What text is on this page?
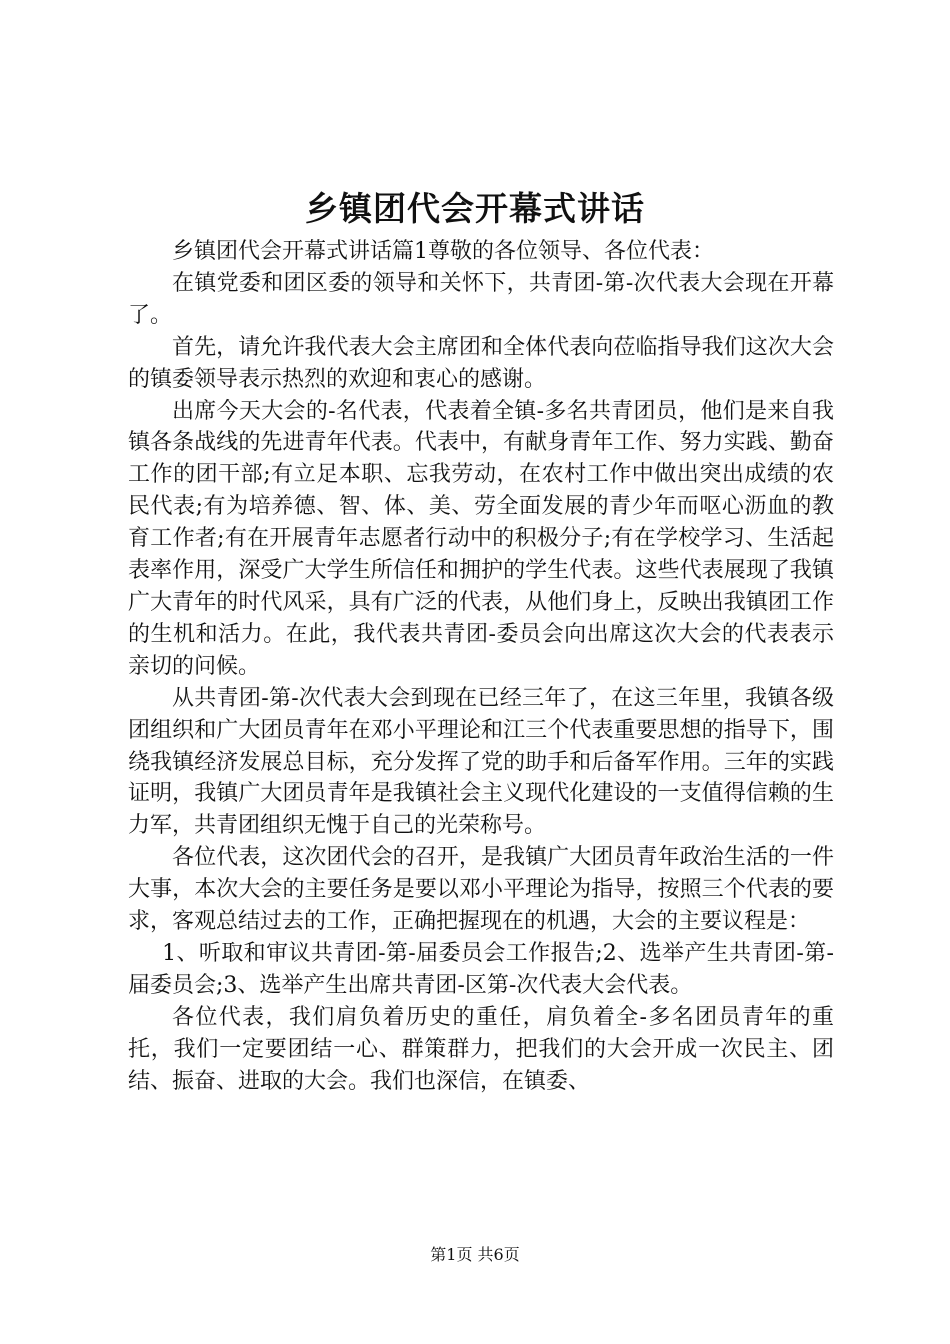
乡镇团代会开幕式讲话

乡镇团代会开幕式讲话篇1尊敬的各位领导、各位代表：

在镇党委和团区委的领导和关怀下，共青团-第-次代表大会现在开幕了。

首先，请允许我代表大会主席团和全体代表向莅临指导我们这次大会的镇委领导表示热烈的欢迎和衷心的感谢。

出席今天大会的-名代表，代表着全镇-多名共青团员，他们是来自我镇各条战线的先进青年代表。代表中，有献身青年工作、努力实践、勤奋工作的团干部;有立足本职、忘我劳动，在农村工作中做出突出成绩的农民代表;有为培养德、智、体、美、劳全面发展的青少年而呕心沥血的教育工作者;有在开展青年志愿者行动中的积极分子;有在学校学习、生活起表率作用，深受广大学生所信任和拥护的学生代表。这些代表展现了我镇广大青年的时代风采，具有广泛的代表，从他们身上，反映出我镇团工作的生机和活力。在此，我代表共青团-委员会向出席这次大会的代表表示亲切的问候。

从共青团-第-次代表大会到现在已经三年了，在这三年里，我镇各级团组织和广大团员青年在邓小平理论和江三个代表重要思想的指导下，围绕我镇经济发展总目标，充分发挥了党的助手和后备军作用。三年的实践证明，我镇广大团员青年是我镇社会主义现代化建设的一支值得信赖的生力军，共青团组织无愧于自己的光荣称号。

各位代表，这次团代会的召开，是我镇广大团员青年政治生活的一件大事，本次大会的主要任务是要以邓小平理论为指导，按照三个代表的要求，客观总结过去的工作，正确把握现在的机遇，大会的主要议程是：

1、听取和审议共青团-第-届委员会工作报告;2、选举产生共青团-第-届委员会;3、选举产生出席共青团-区第-次代表大会代表。

各位代表，我们肩负着历史的重任，肩负着全-多名团员青年的重托，我们一定要团结一心、群策群力，把我们的大会开成一次民主、团结、振奋、进取的大会。我们也深信，在镇委、

第1页 共6页
